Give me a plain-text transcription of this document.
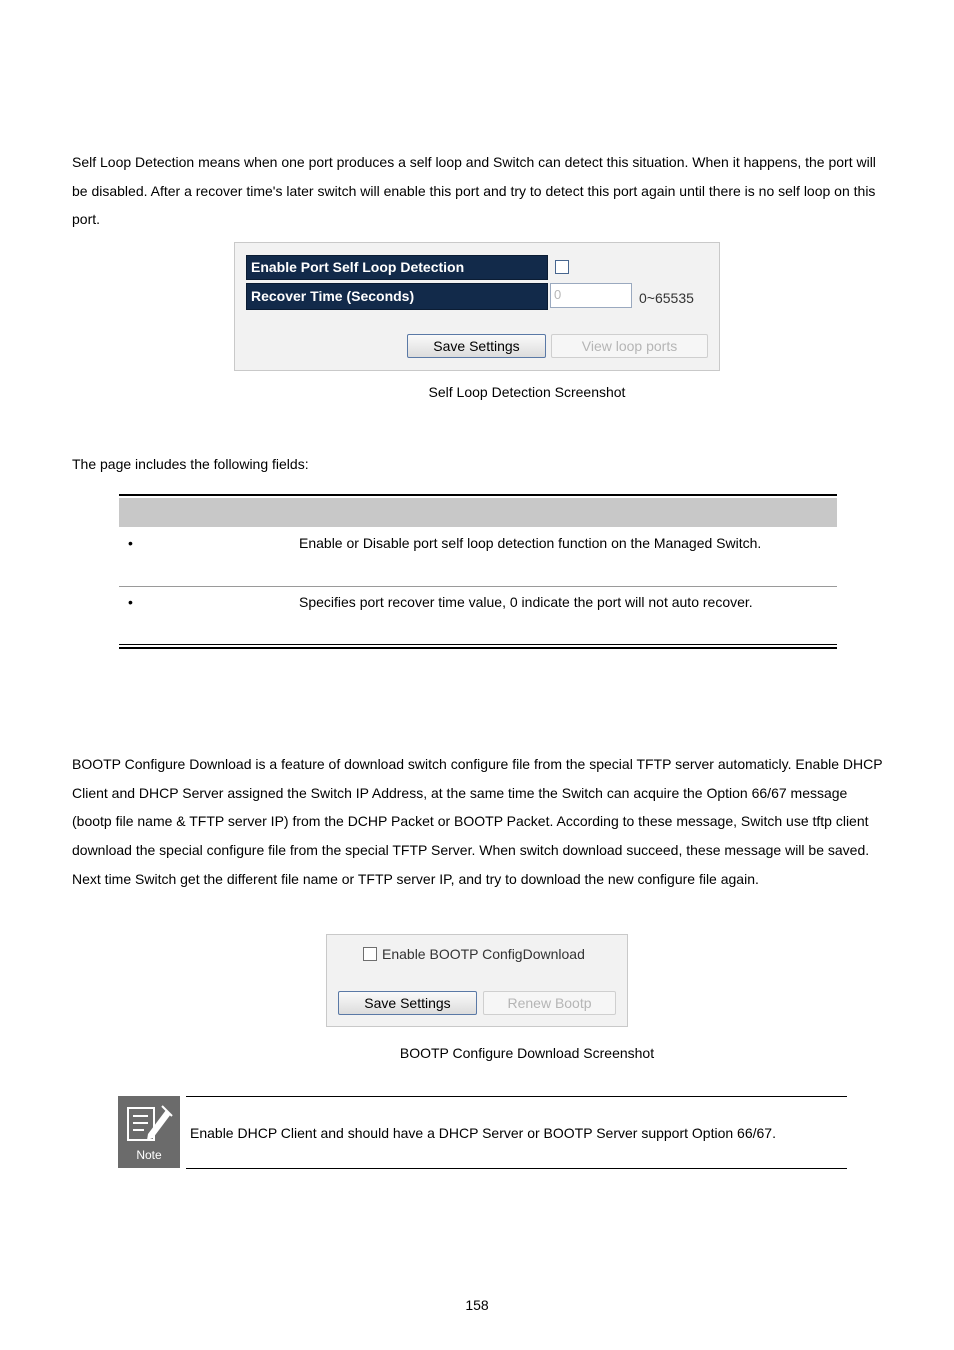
Self Loop Detection means when one port produces a self loop and Switch can detect this situation. When it happens, the port will be disabled. After a recover time's later switch will enable this port and try to detect this port again until there is no self loop on this port.

Enable Port Self Loop Detection
Recover Time (Seconds)	0	0~65535
Save Settings	View loop ports
Self Loop Detection Screenshot
The page includes the following fields:
•	Enable or Disable port self loop detection function on the Managed Switch.
•	Specifies port recover time value, 0 indicate the port will not auto recover.

BOOTP Configure Download is a feature of download switch configure file from the special TFTP server automaticly. Enable DHCP Client and DHCP Server assigned the Switch IP Address, at the same time the Switch can acquire the Option 66/67 message (bootp file name & TFTP server IP) from the DCHP Packet or BOOTP Packet. According to these message, Switch use tftp client download the special configure file from the special TFTP Server. When switch download succeed, these message will be saved. Next time Switch get the different file name or TFTP server IP, and try to download the new configure file again.

Enable BOOTP ConfigDownload
Save Settings	Renew Bootp
BOOTP Configure Download Screenshot
Note
Enable DHCP Client and should have a DHCP Server or BOOTP Server support Option 66/67.
158
